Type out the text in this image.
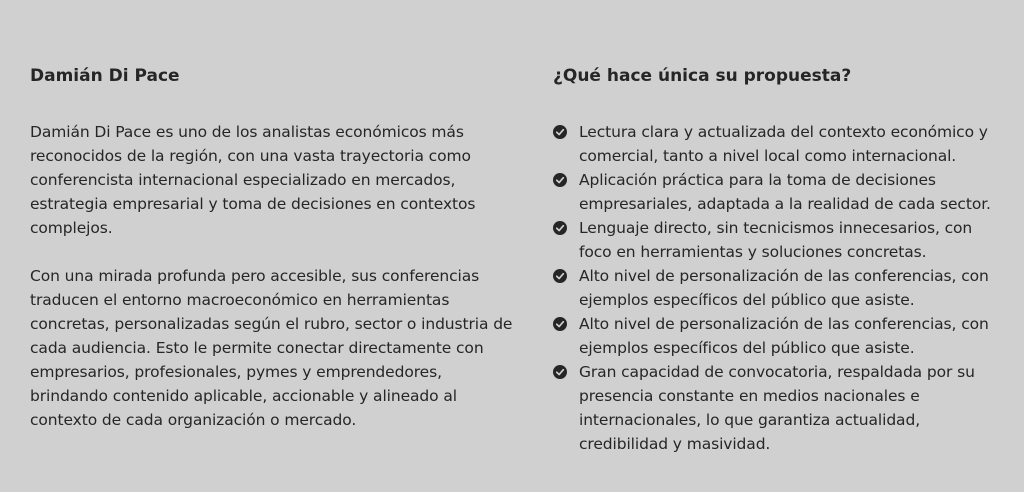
Damián Di Pace

Damián Di Pace es uno de los analistas económicos más reconocidos de la región, con una vasta trayectoria como conferencista internacional especializado en mercados, estrategia empresarial y toma de decisiones en contextos complejos.

Con una mirada profunda pero accesible, sus conferencias traducen el entorno macroeconómico en herramientas concretas, personalizadas según el rubro, sector o industria de cada audiencia. Esto le permite conectar directamente con empresarios, profesionales, pymes y emprendedores, brindando contenido aplicable, accionable y alineado al contexto de cada organización o mercado.

¿Qué hace única su propuesta?
Lectura clara y actualizada del contexto económico y comercial, tanto a nivel local como internacional.
Aplicación práctica para la toma de decisiones empresariales, adaptada a la realidad de cada sector.
Lenguaje directo, sin tecnicismos innecesarios, con foco en herramientas y soluciones concretas.
Alto nivel de personalización de las conferencias, con ejemplos específicos del público que asiste.
Alto nivel de personalización de las conferencias, con ejemplos específicos del público que asiste.
Gran capacidad de convocatoria, respaldada por su presencia constante en medios nacionales e internacionales, lo que garantiza actualidad, credibilidad y masividad.
